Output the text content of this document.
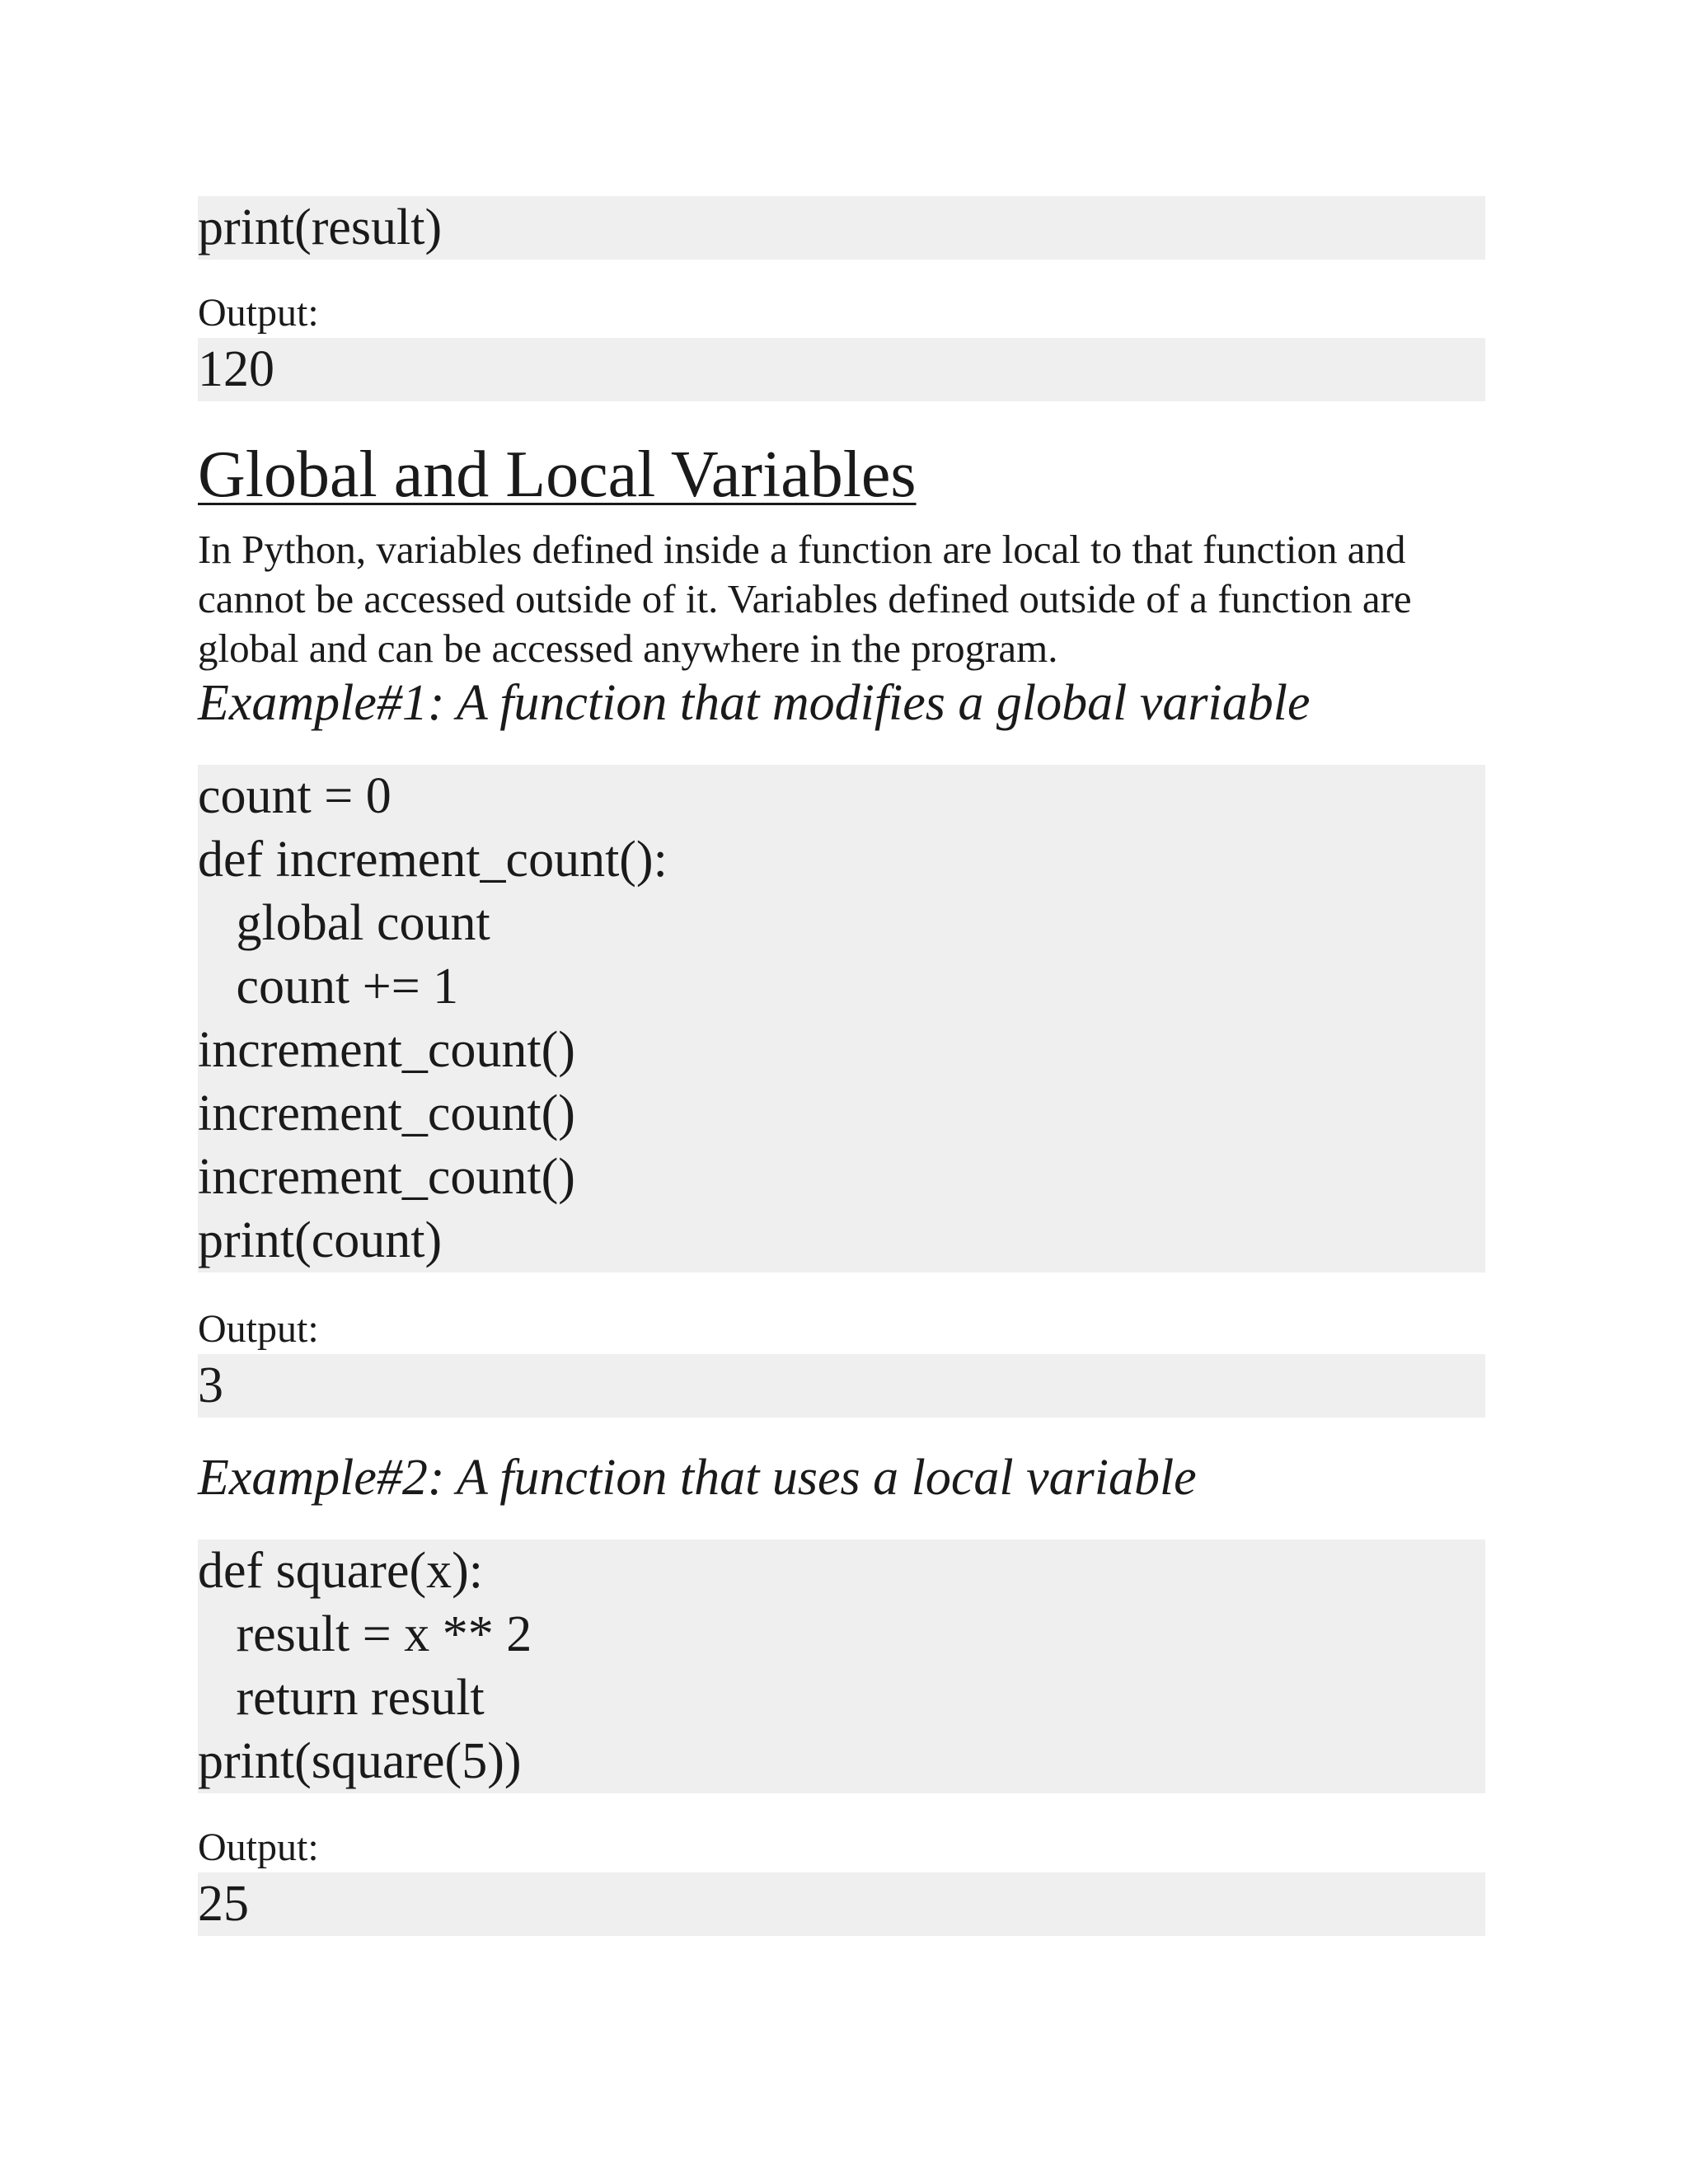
print(result)
Output:
120
Global and Local Variables
In Python, variables defined inside a function are local to that function and
cannot be accessed outside of it. Variables defined outside of a function are
global and can be accessed anywhere in the program.
Example#1: A function that modifies a global variable
count = 0
def increment_count():
global count
count += 1
increment_count()
increment_count()
increment_count()
print(count)
Output:
3
Example#2: A function that uses a local variable
def square(x):
result = x ** 2
return result
print(square(5))
Output:
25
